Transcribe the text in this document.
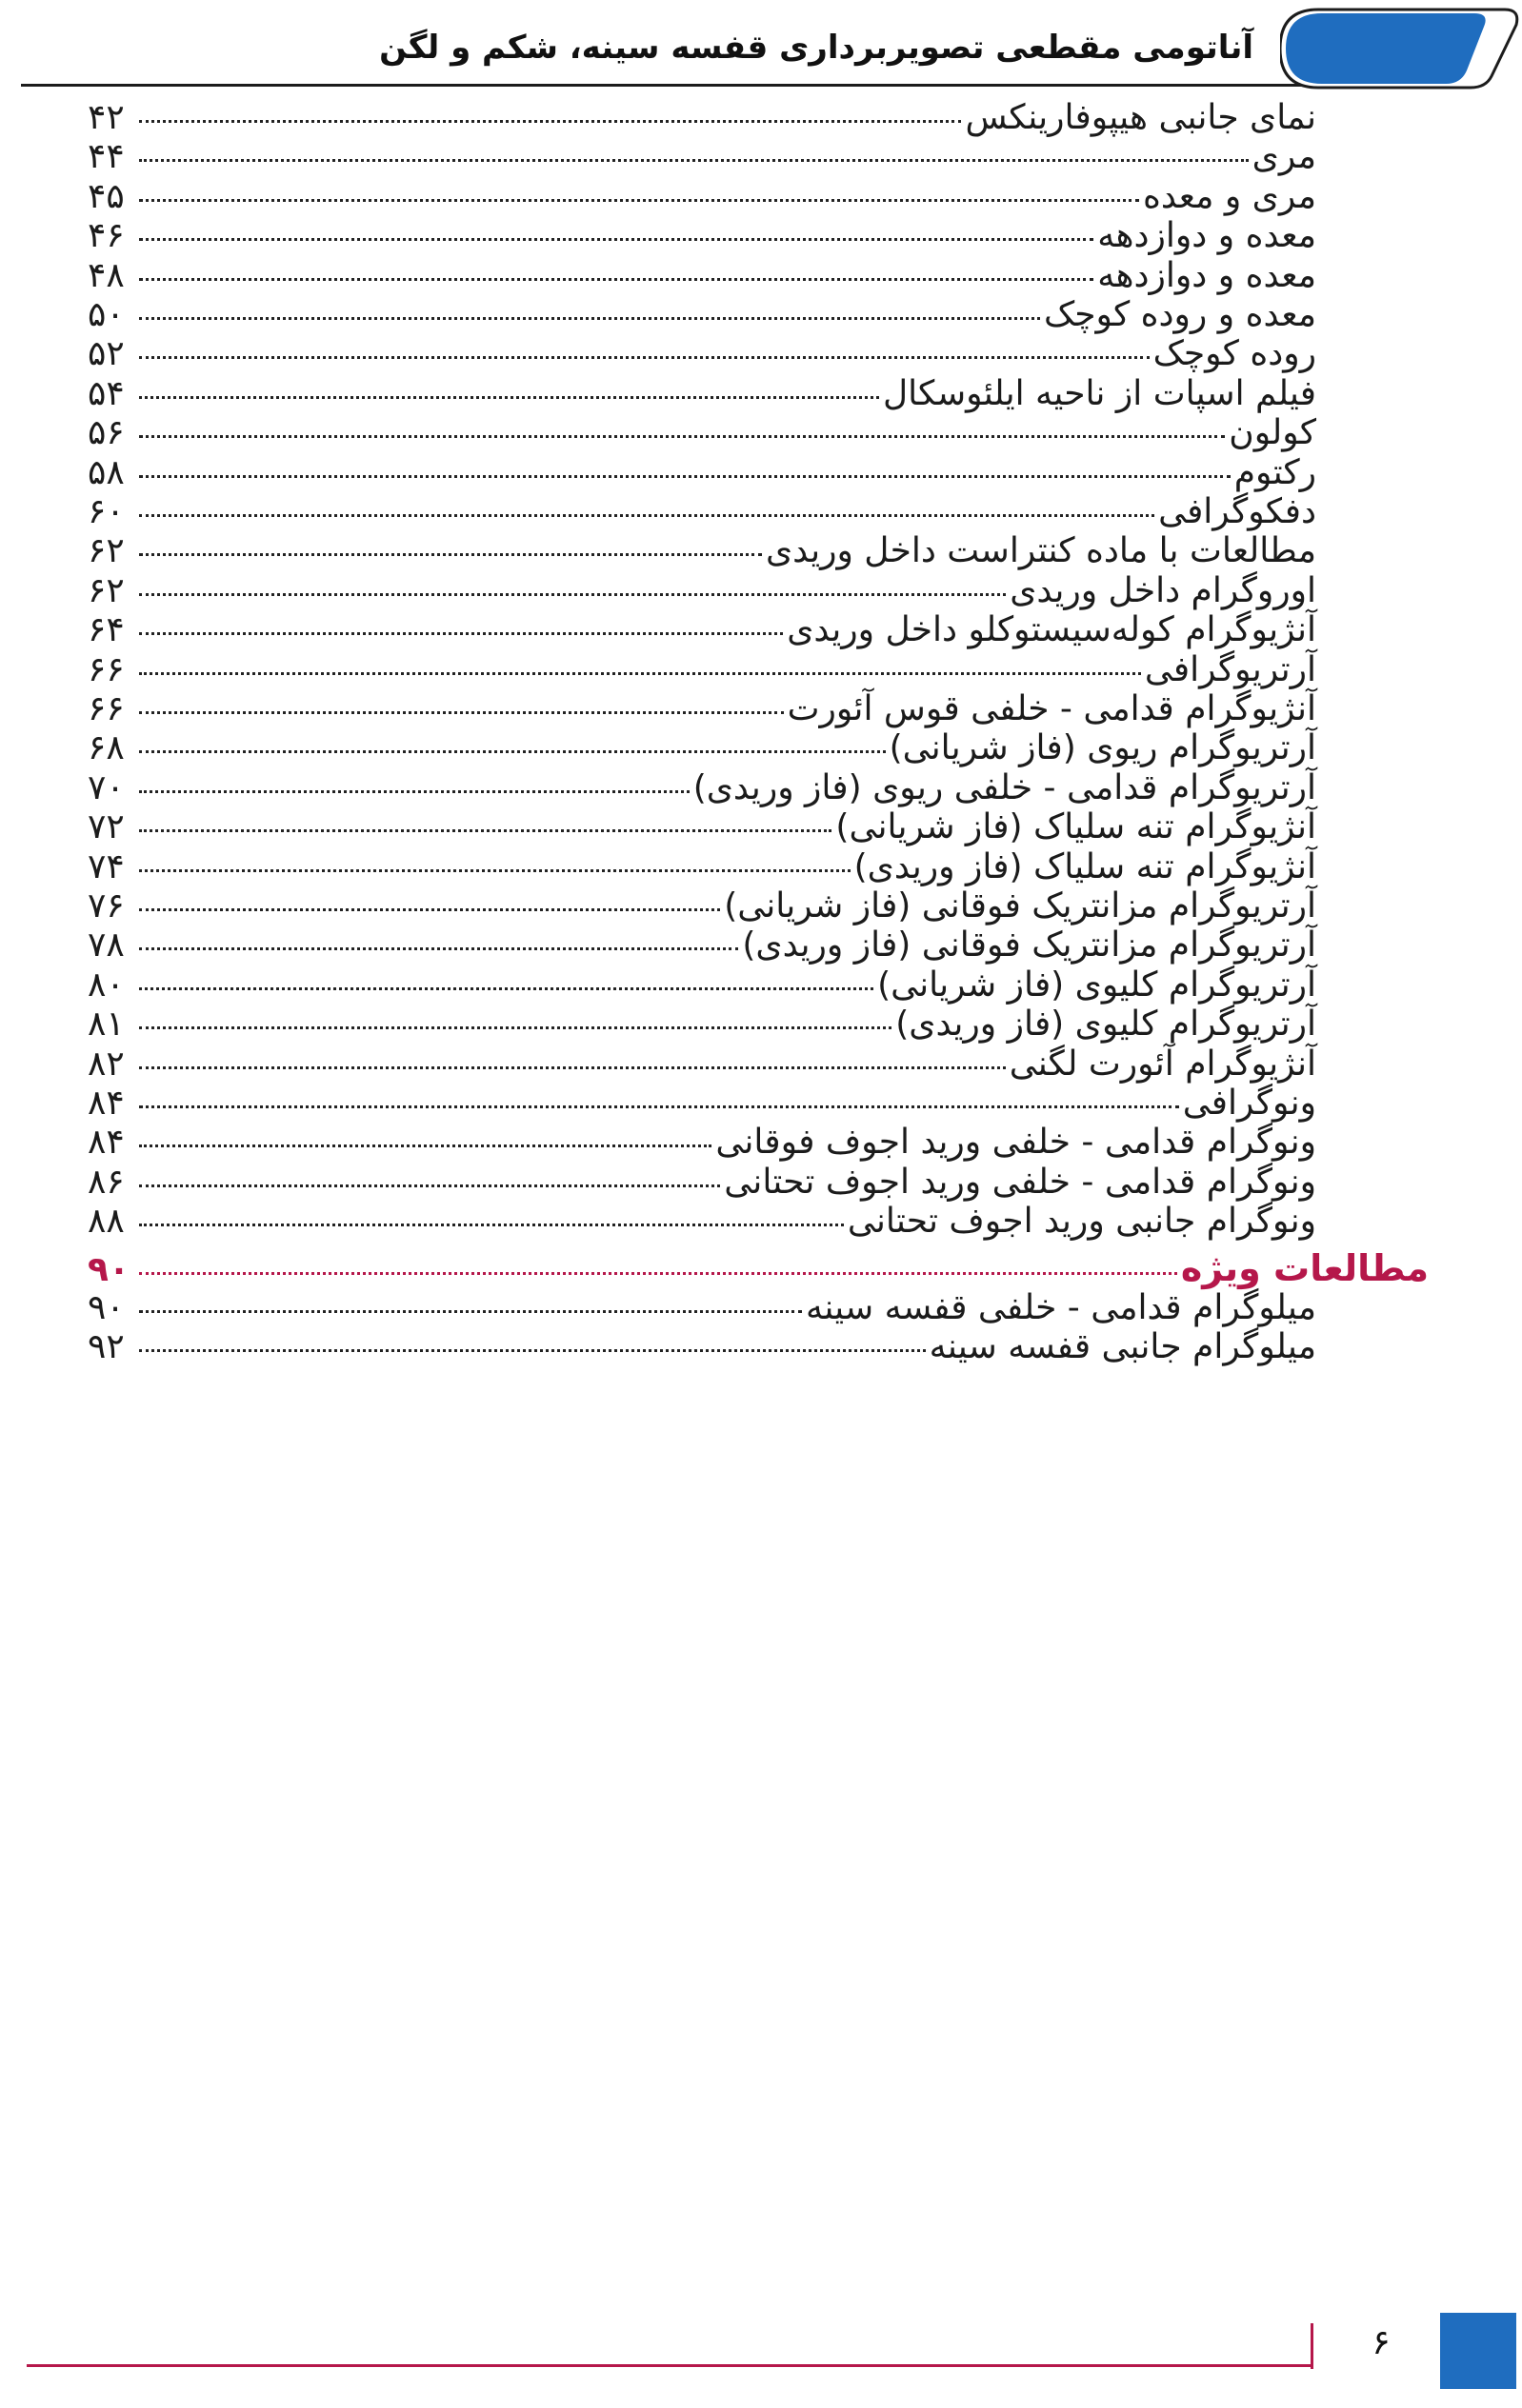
آناتومی مقطعی تصویربرداری قفسه سینه، شکم و لگن
نمای جانبی هیپوفارینکس
۴۲
مری
۴۴
مری و معده
۴۵
معده و دوازدهه
۴۶
معده و دوازدهه
۴۸
معده و روده کوچک
۵۰
روده کوچک
۵۲
فیلم اسپات از ناحیه ایلئوسکال
۵۴
کولون
۵۶
رکتوم
۵۸
دفکوگرافی
۶۰
مطالعات با ماده کنتراست داخل وریدی
۶۲
اوروگرام داخل وریدی
۶۲
آنژیوگرام کوله‌سیستوکلو داخل وریدی
۶۴
آرتریوگرافی
۶۶
آنژیوگرام قدامی - خلفی قوس آئورت
۶۶
آرتریوگرام ریوی (فاز شریانی)
۶۸
آرتریوگرام قدامی - خلفی ریوی (فاز وریدی)
۷۰
آنژیوگرام تنه سلیاک (فاز شریانی)
۷۲
آنژیوگرام تنه سلیاک (فاز وریدی)
۷۴
آرتریوگرام مزانتریک فوقانی (فاز شریانی)
۷۶
آرتریوگرام مزانتریک فوقانی (فاز وریدی)
۷۸
آرتریوگرام کلیوی (فاز شریانی)
۸۰
آرتریوگرام کلیوی (فاز وریدی)
۸۱
آنژیوگرام آئورت لگنی
۸۲
ونوگرافی
۸۴
ونوگرام قدامی - خلفی ورید اجوف فوقانی
۸۴
ونوگرام قدامی - خلفی ورید اجوف تحتانی
۸۶
ونوگرام جانبی ورید اجوف تحتانی
۸۸
مطالعات ویژه
۹۰
میلوگرام قدامی - خلفی قفسه سینه
۹۰
میلوگرام جانبی قفسه سینه
۹۲
۶
